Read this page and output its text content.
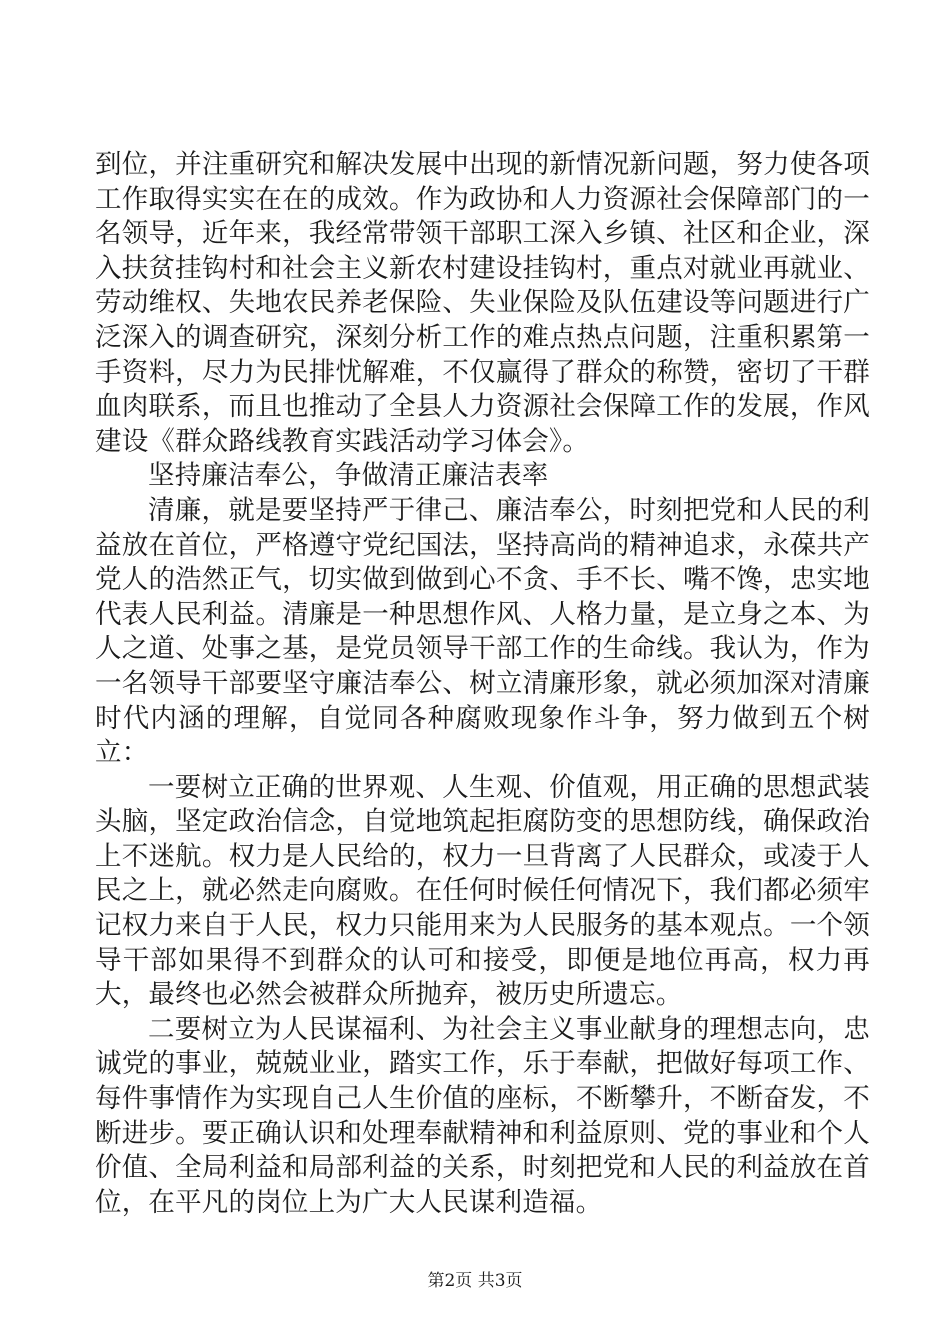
到位，并注重研究和解决发展中出现的新情况新问题，努力使各项工作取得实实在在的成效。作为政协和人力资源社会保障部门的一名领导，近年来，我经常带领干部职工深入乡镇、社区和企业，深入扶贫挂钩村和社会主义新农村建设挂钩村，重点对就业再就业、劳动维权、失地农民养老保险、失业保险及队伍建设等问题进行广泛深入的调查研究，深刻分析工作的难点热点问题，注重积累第一手资料，尽力为民排忧解难，不仅赢得了群众的称赞，密切了干群血肉联系，而且也推动了全县人力资源社会保障工作的发展，作风建设《群众路线教育实践活动学习体会》。

坚持廉洁奉公，争做清正廉洁表率

清廉，就是要坚持严于律己、廉洁奉公，时刻把党和人民的利益放在首位，严格遵守党纪国法，坚持高尚的精神追求，永葆共产党人的浩然正气，切实做到做到心不贪、手不长、嘴不馋，忠实地代表人民利益。清廉是一种思想作风、人格力量，是立身之本、为人之道、处事之基，是党员领导干部工作的生命线。我认为，作为一名领导干部要坚守廉洁奉公、树立清廉形象，就必须加深对清廉时代内涵的理解，自觉同各种腐败现象作斗争，努力做到五个树立：

一要树立正确的世界观、人生观、价值观，用正确的思想武装头脑，坚定政治信念，自觉地筑起拒腐防变的思想防线，确保政治上不迷航。权力是人民给的，权力一旦背离了人民群众，或凌于人民之上，就必然走向腐败。在任何时候任何情况下，我们都必须牢记权力来自于人民，权力只能用来为人民服务的基本观点。一个领导干部如果得不到群众的认可和接受，即便是地位再高，权力再大，最终也必然会被群众所抛弃，被历史所遗忘。

二要树立为人民谋福利、为社会主义事业献身的理想志向，忠诚党的事业，兢兢业业，踏实工作，乐于奉献，把做好每项工作、每件事情作为实现自己人生价值的座标，不断攀升，不断奋发，不断进步。要正确认识和处理奉献精神和利益原则、党的事业和个人价值、全局利益和局部利益的关系，时刻把党和人民的利益放在首位，在平凡的岗位上为广大人民谋利造福。

第2页 共3页
